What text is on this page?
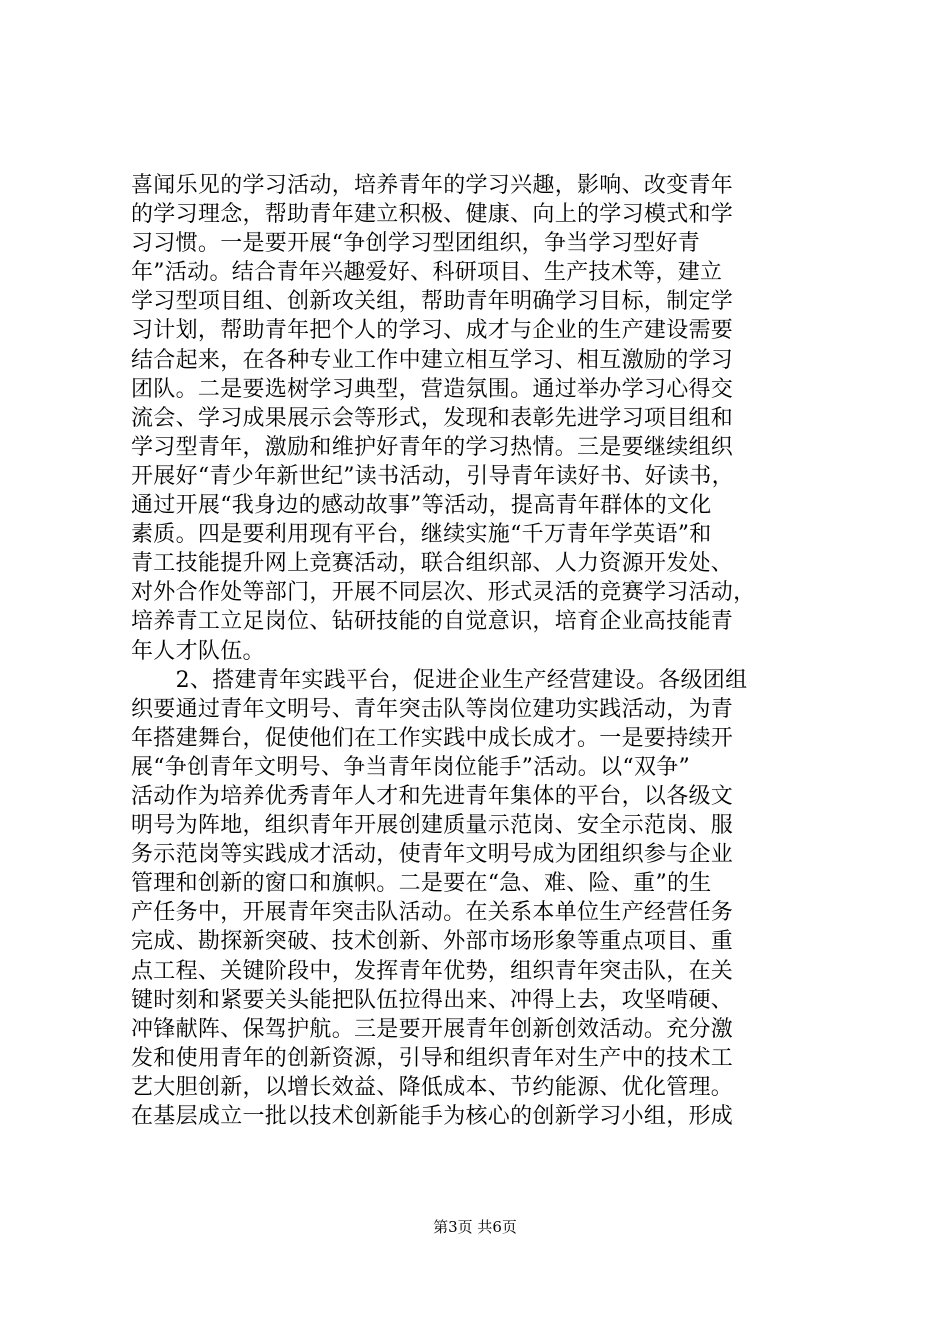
喜闻乐见的学习活动，培养青年的学习兴趣，影响、改变青年
的学习理念，帮助青年建立积极、健康、向上的学习模式和学
习习惯。一是要开展“争创学习型团组织，争当学习型好青
年”活动。结合青年兴趣爱好、科研项目、生产技术等，建立
学习型项目组、创新攻关组，帮助青年明确学习目标，制定学
习计划，帮助青年把个人的学习、成才与企业的生产建设需要
结合起来，在各种专业工作中建立相互学习、相互激励的学习
团队。二是要选树学习典型，营造氛围。通过举办学习心得交
流会、学习成果展示会等形式，发现和表彰先进学习项目组和
学习型青年，激励和维护好青年的学习热情。三是要继续组织
开展好“青少年新世纪”读书活动，引导青年读好书、好读书，
通过开展“我身边的感动故事”等活动，提高青年群体的文化
素质。四是要利用现有平台，继续实施“千万青年学英语”和
青工技能提升网上竞赛活动，联合组织部、人力资源开发处、
对外合作处等部门，开展不同层次、形式灵活的竞赛学习活动，
培养青工立足岗位、钻研技能的自觉意识，培育企业高技能青
年人才队伍。
　　2、搭建青年实践平台，促进企业生产经营建设。各级团组
织要通过青年文明号、青年突击队等岗位建功实践活动，为青
年搭建舞台，促使他们在工作实践中成长成才。一是要持续开
展“争创青年文明号、争当青年岗位能手”活动。以“双争”
活动作为培养优秀青年人才和先进青年集体的平台，以各级文
明号为阵地，组织青年开展创建质量示范岗、安全示范岗、服
务示范岗等实践成才活动，使青年文明号成为团组织参与企业
管理和创新的窗口和旗帜。二是要在“急、难、险、重”的生
产任务中，开展青年突击队活动。在关系本单位生产经营任务
完成、勘探新突破、技术创新、外部市场形象等重点项目、重
点工程、关键阶段中，发挥青年优势，组织青年突击队，在关
键时刻和紧要关头能把队伍拉得出来、冲得上去，攻坚啃硬、
冲锋献阵、保驾护航。三是要开展青年创新创效活动。充分激
发和使用青年的创新资源，引导和组织青年对生产中的技术工
艺大胆创新，以增长效益、降低成本、节约能源、优化管理。
在基层成立一批以技术创新能手为核心的创新学习小组，形成
第3页 共6页
